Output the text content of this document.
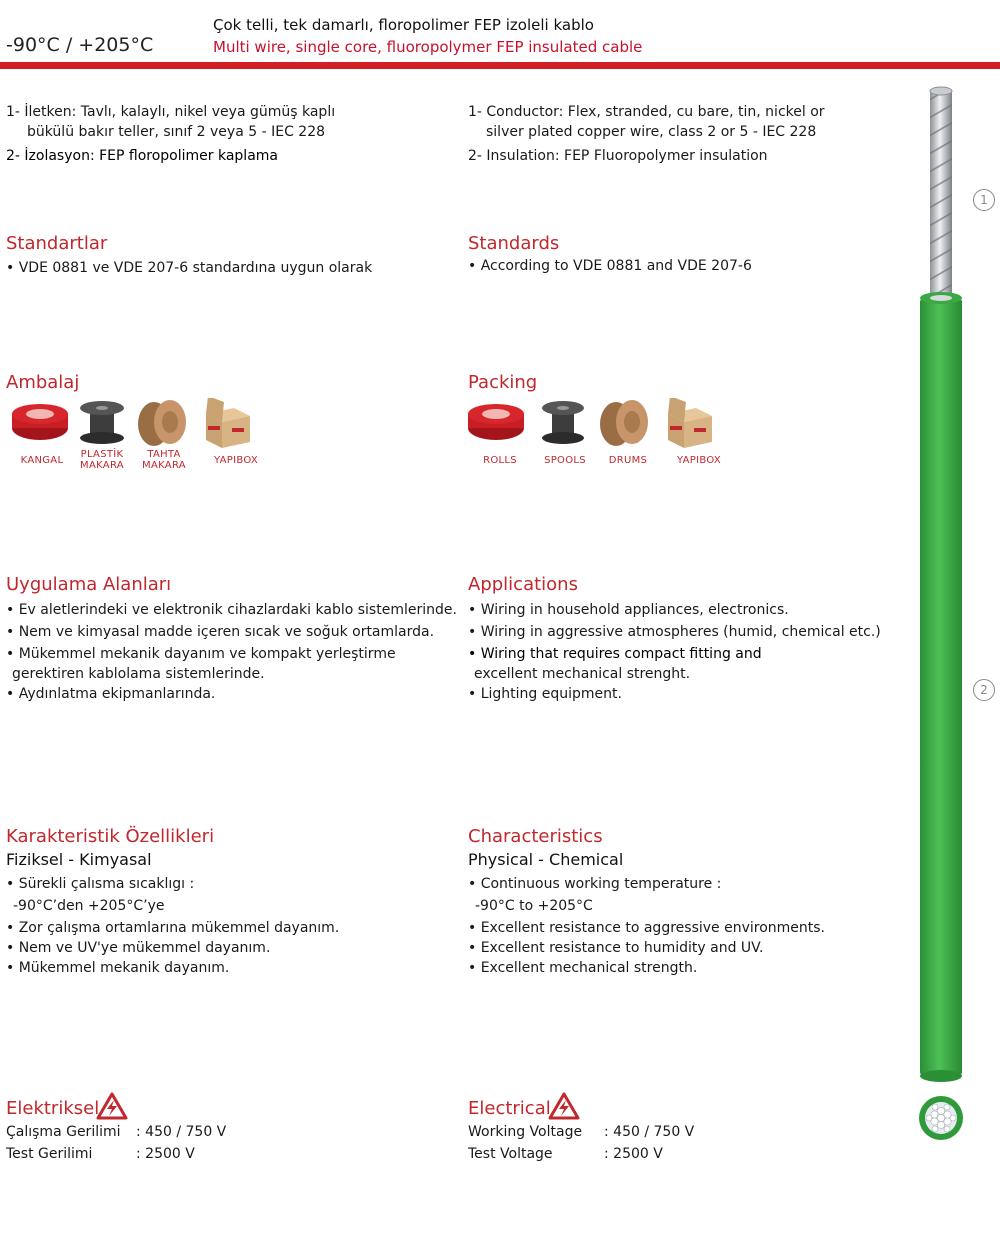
-90°C / +205°C
Çok telli, tek damarlı, floropolimer FEP izoleli kablo
Multi wire, single core, fluoropolymer FEP insulated cable
1- İletken: Tavlı, kalaylı, nikel veya gümüş kaplı
bükülü bakır teller, sınıf 2 veya 5 - IEC 228
2- İzolasyon: FEP floropolimer kaplama
1- Conductor: Flex, stranded, cu bare, tin, nickel or
silver plated copper wire, class 2 or 5 - IEC 228
2- Insulation: FEP Fluoropolymer insulation
Standartlar
• VDE 0881 ve VDE 207-6 standardına uygun olarak
Standards
• According to VDE 0881 and VDE 207-6
Ambalaj	Packing
KANGAL
PLASTİK
MAKARA
TAHTA
MAKARA	YAPIBOX	ROLLS	SPOOLS	DRUMS	YAPIBOX
Uygulama Alanları
• Ev aletlerindeki ve elektronik cihazlardaki kablo sistemlerinde.
• Nem ve kimyasal madde içeren sıcak ve soğuk ortamlarda.
• Mükemmel mekanik dayanım ve kompakt yerleştirme
gerektiren kablolama sistemlerinde.
• Aydınlatma ekipmanlarında.
Applications
• Wiring in household appliances, electronics.
• Wiring in aggressive atmospheres (humid, chemical etc.)
• Wiring that requires compact fitting and
excellent mechanical strenght.
• Lighting equipment.
Karakteristik Özellikleri
Fiziksel - Kimyasal
• Sürekli çalısma sıcaklıgı :
-90°C’den +205°C’ye
• Zor çalışma ortamlarına mükemmel dayanım.
• Nem ve UV'ye mükemmel dayanım.
• Mükemmel mekanik dayanım.
Characteristics
Physical - Chemical
• Continuous working temperature :
-90°C to +205°C
• Excellent resistance to aggressive environments.
• Excellent resistance to humidity and UV.
• Excellent mechanical strength.
Elektriksel
Çalışma Gerilimi : 450 / 750 V
Test Gerilimi	: 2500 V
Electrical
Working Voltage : 450 / 750 V
Test Voltage	: 2500 V
1
2
